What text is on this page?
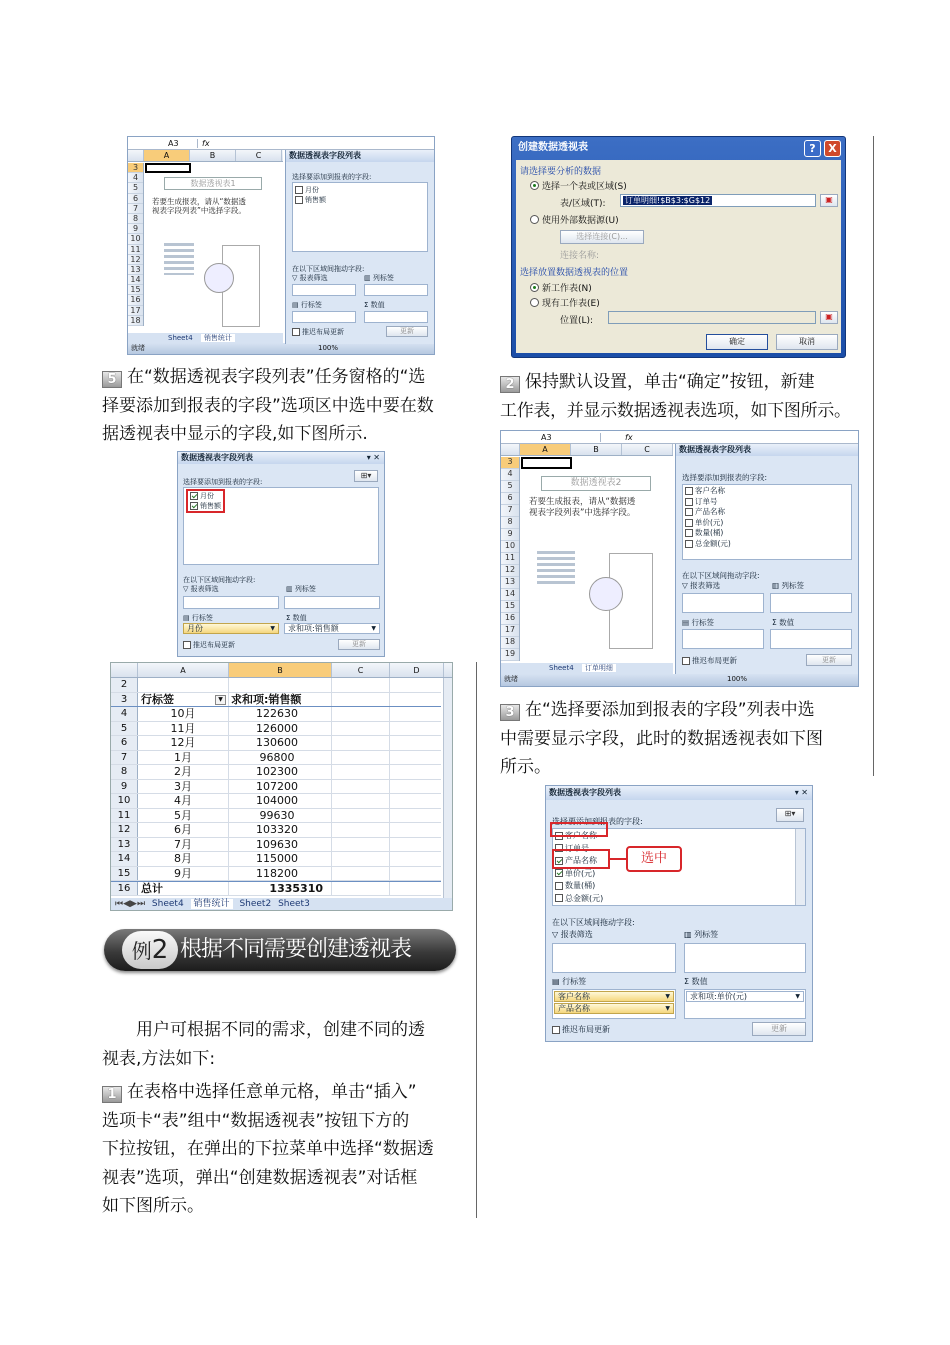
A3	fx
A	B	C
3
4
5
6
7
8
9
10
11
12
13
14
15
16
17
18
数据透视表1
若要生成报表，请从“数据透
视表字段列表”中选择字段。
Sheet4 销售统计
就绪	100%
数据透视表字段列表
选择要添加到报表的字段:
月份
销售额
在以下区域间拖动字段:
▽ 报表筛选	▥ 列标签
▤ 行标签	Σ 数值
推迟布局更新	更新
5 在“数据透视表字段列表”任务窗格的“选
择要添加到报表的字段”选项区中选中要在数
据透视表中显示的字段,如下图所示.
数据透视表字段列表	▾ ✕
选择要添加到报表的字段:
⊞▾
月份
销售额
在以下区域间拖动字段:
▽ 报表筛选	▥ 列标签
▤ 行标签	Σ 数值
月份 ▼	求和项:销售额 ▼
推迟布局更新	更新
A	B	C	D
2
3	行标签	▼ 求和项:销售额
4	10月	122630
5	11月	126000
6	12月	130600
7	1月	96800
8	2月	102300
9	3月	107200
10	4月	104000
11	5月	99630
12	6月	103320
13	7月	109630
14	8月	115000
15	9月	118200
16 总计	1335310
⏮◀▶⏭ Sheet4 销售统计 Sheet2 Sheet3
例2 根据不同需要创建透视表
用户可根据不同的需求，创建不同的透
视表,方法如下:
1 在表格中选择任意单元格，单击“插入”
选项卡“表”组中“数据透视表”按钮下方的
下拉按钮，在弹出的下拉菜单中选择“数据透
视表”选项，弹出“创建数据透视表”对话框
如下图所示。
创建数据透视表	?	X
请选择要分析的数据
选择一个表或区域(S)
表/区域(T):	订单明细!$B$3:$G$12	▣
使用外部数据源(U)
选择连接(C)...
连接名称:
选择放置数据透视表的位置
新工作表(N)
现有工作表(E)
位置(L):	▣
确定	取消
2 保持默认设置，单击“确定”按钮，新建
工作表，并显示数据透视表选项，如下图所示。
A3	fx
A	B	C
3
4
5
6
7
8
9
10
11
12
13
14
15
16
17
18
19
数据透视表2
若要生成报表，请从“数据透
视表字段列表”中选择字段。
Sheet4 订单明细
就绪	100%
数据透视表字段列表
选择要添加到报表的字段:
客户名称
订单号
产品名称
单价(元)
数量(桶)
总金额(元)
在以下区域间拖动字段:
▽ 报表筛选	▥ 列标签
▤ 行标签	Σ 数值
推迟布局更新	更新
3 在“选择要添加到报表的字段”列表中选
中需要显示字段，此时的数据透视表如下图
所示。
数据透视表字段列表	▾ ✕
⊞▾
选择要添加到报表的字段:
客户名称
订单号
产品名称
单价(元)
数量(桶)
总金额(元)
选中
在以下区域间拖动字段:
▽ 报表筛选	▥ 列标签
▤ 行标签	Σ 数值
客户名称 ▼
产品名称 ▼
求和项:单价(元) ▼
推迟布局更新	更新
